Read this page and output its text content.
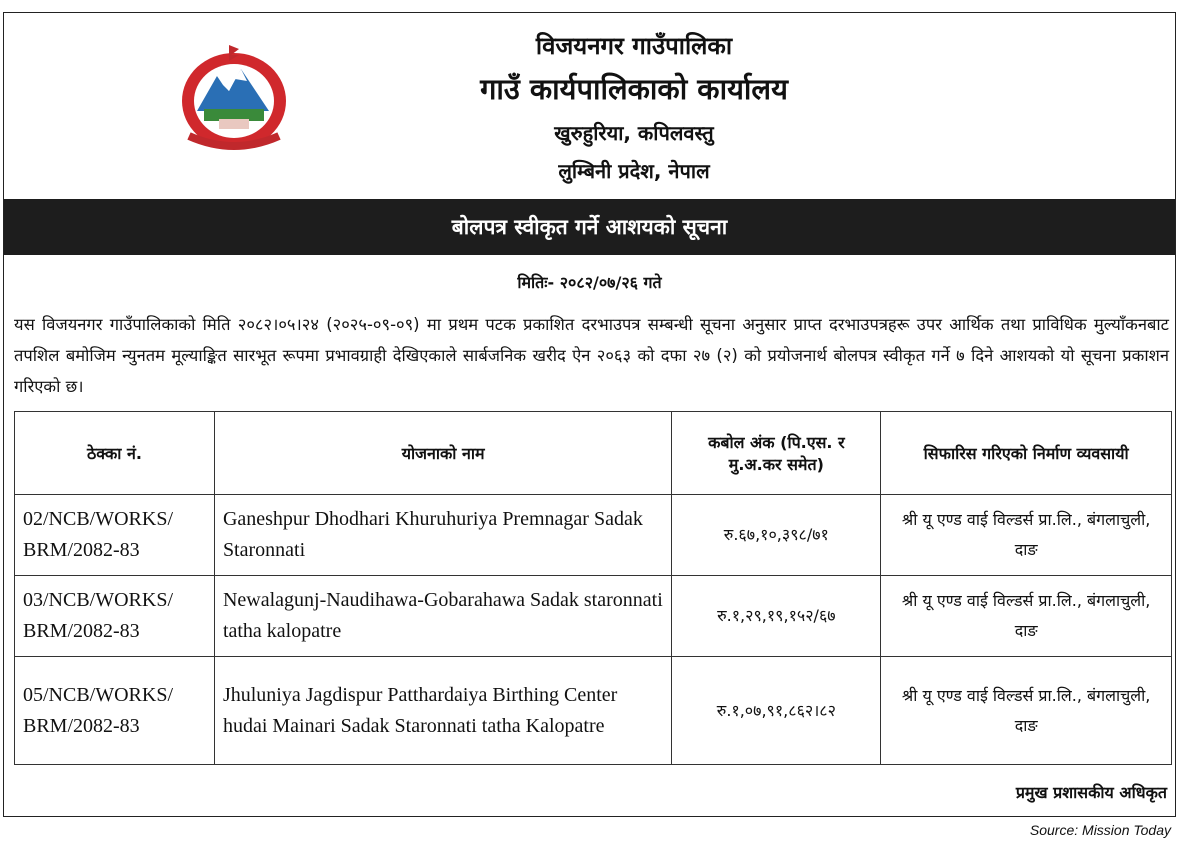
विजयनगर गाउँपालिका
गाउँ कार्यपालिकाको कार्यालय
खुरुहुरिया, कपिलवस्तु
लुम्बिनी प्रदेश, नेपाल
बोलपत्र स्वीकृत गर्ने आशयको सूचना
मितिः- २०८२/०७/२६ गते
यस विजयनगर गाउँपालिकाको मिति २०८२।०५।२४ (२०२५-०९-०९) मा प्रथम पटक प्रकाशित दरभाउपत्र सम्बन्धी सूचना अनुसार प्राप्त दरभाउपत्रहरू उपर आर्थिक तथा प्राविधिक मुल्याँकनबाट तपशिल बमोजिम न्युनतम मूल्याङ्कित सारभूत रूपमा प्रभावग्राही देखिएकाले सार्बजनिक खरीद ऐन २०६३ को दफा २७ (२) को प्रयोजनार्थ बोलपत्र स्वीकृत गर्ने ७ दिने आशयको यो सूचना प्रकाशन गरिएको छ।
ठेक्का नं.	योजनाको नाम	कबोल अंक (पि.एस. र मु.अ.कर समेत)	सिफारिस गरिएको निर्माण व्यवसायी
02/NCB/WORKS/ BRM/2082-83	Ganeshpur Dhodhari Khuruhuriya Premnagar Sadak Staronnati	रु.६७,१०,३९८/७१	श्री यू एण्ड वाई विल्डर्स प्रा.लि., बंगलाचुली, दाङ
03/NCB/WORKS/ BRM/2082-83	Newalagunj-Naudihawa-Gobarahawa Sadak staronnati tatha kalopatre	रु.१,२९,१९,१५२/६७	श्री यू एण्ड वाई विल्डर्स प्रा.लि., बंगलाचुली, दाङ
05/NCB/WORKS/ BRM/2082-83	Jhuluniya Jagdispur Patthardaiya Birthing Center hudai Mainari Sadak Staronnati tatha Kalopatre	रु.१,०७,९१,८६२।८२	श्री यू एण्ड वाई विल्डर्स प्रा.लि., बंगलाचुली, दाङ
प्रमुख प्रशासकीय अधिकृत
Source: Mission Today
